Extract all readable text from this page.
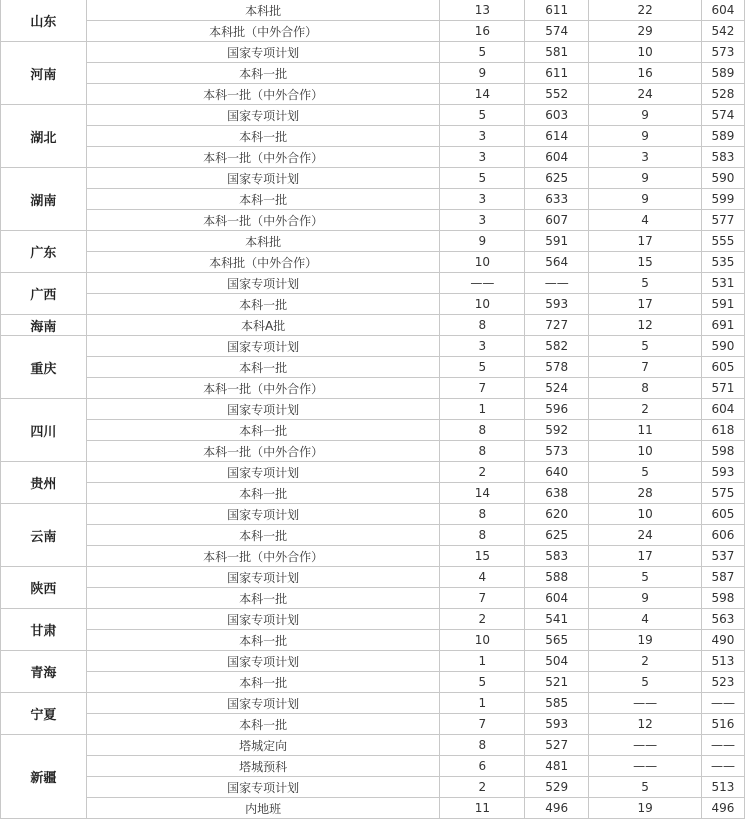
山东	本科批	13	611	22	604
	本科批（中外合作）	16	574	29	542
河南	国家专项计划	5	581	10	573
	本科一批	9	611	16	589
	本科一批（中外合作）	14	552	24	528
湖北	国家专项计划	5	603	9	574
	本科一批	3	614	9	589
	本科一批（中外合作）	3	604	3	583
湖南	国家专项计划	5	625	9	590
	本科一批	3	633	9	599
	本科一批（中外合作）	3	607	4	577
广东	本科批	9	591	17	555
	本科批（中外合作）	10	564	15	535
广西	国家专项计划	——	——	5	531
	本科一批	10	593	17	591
海南	本科A批	8	727	12	691
重庆	国家专项计划	3	582	5	590
	本科一批	5	578	7	605
	本科一批（中外合作）	7	524	8	571
四川	国家专项计划	1	596	2	604
	本科一批	8	592	11	618
	本科一批（中外合作）	8	573	10	598
贵州	国家专项计划	2	640	5	593
	本科一批	14	638	28	575
云南	国家专项计划	8	620	10	605
	本科一批	8	625	24	606
	本科一批（中外合作）	15	583	17	537
陕西	国家专项计划	4	588	5	587
	本科一批	7	604	9	598
甘肃	国家专项计划	2	541	4	563
	本科一批	10	565	19	490
青海	国家专项计划	1	504	2	513
	本科一批	5	521	5	523
宁夏	国家专项计划	1	585	——	——
	本科一批	7	593	12	516
新疆	塔城定向	8	527	——	——
	塔城预科	6	481	——	——
	国家专项计划	2	529	5	513
	内地班	11	496	19	496
